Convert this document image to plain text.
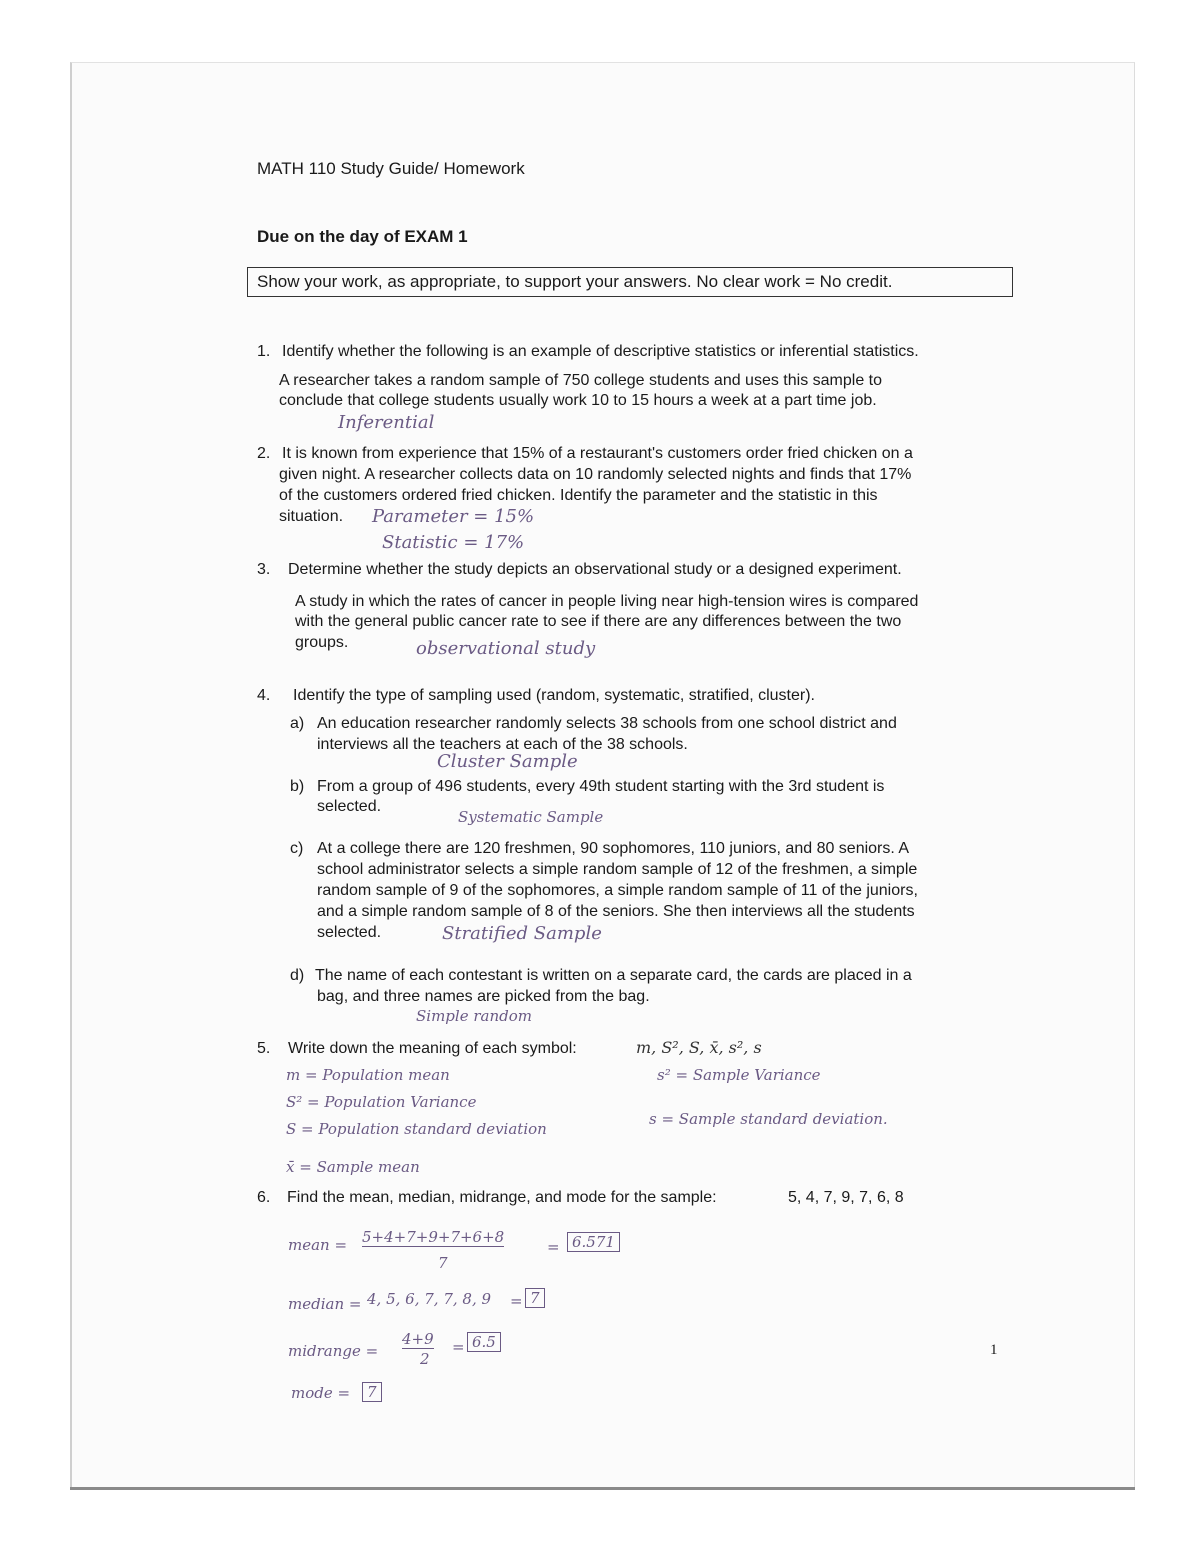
MATH 110 Study Guide/ Homework
Due on the day of EXAM 1
Show your work, as appropriate, to support your answers. No clear work = No credit.
1. Identify whether the following is an example of descriptive statistics or inferential statistics.
A researcher takes a random sample of 750 college students and uses this sample to
conclude that college students usually work 10 to 15 hours a week at a part time job.
Inferential
2. It is known from experience that 15% of a restaurant's customers order fried chicken on a
given night. A researcher collects data on 10 randomly selected nights and finds that 17%
of the customers ordered fried chicken. Identify the parameter and the statistic in this
situation. Parameter = 15%
Statistic = 17%
3. Determine whether the study depicts an observational study or a designed experiment.
A study in which the rates of cancer in people living near high-tension wires is compared
with the general public cancer rate to see if there are any differences between the two
groups.	observational study
4. Identify the type of sampling used (random, systematic, stratified, cluster).
a) An education researcher randomly selects 38 schools from one school district and
interviews all the teachers at each of the 38 schools.
Cluster Sample
b) From a group of 496 students, every 49th student starting with the 3rd student is
selected.
Systematic Sample
c) At a college there are 120 freshmen, 90 sophomores, 110 juniors, and 80 seniors. A
school administrator selects a simple random sample of 12 of the freshmen, a simple
random sample of 9 of the sophomores, a simple random sample of 11 of the juniors,
and a simple random sample of 8 of the seniors. She then interviews all the students
selected.	Stratified Sample
d) The name of each contestant is written on a separate card, the cards are placed in a
bag, and three names are picked from the bag.
Simple random
5. Write down the meaning of each symbol:	m, S², S, x̄, s², s
m = Population mean
S² = Population Variance
S = Population standard deviation
x̄ = Sample mean
s² = Sample Variance
s = Sample standard deviation.
6. Find the mean, median, midrange, and mode for the sample:	5, 4, 7, 9, 7, 6, 8
mean = 5+4+7+9+7+6+8
7
= 6.571
median = 4, 5, 6, 7, 7, 8, 9 = 7
midrange =
4+9
2
= 6.5
mode =	7
1
